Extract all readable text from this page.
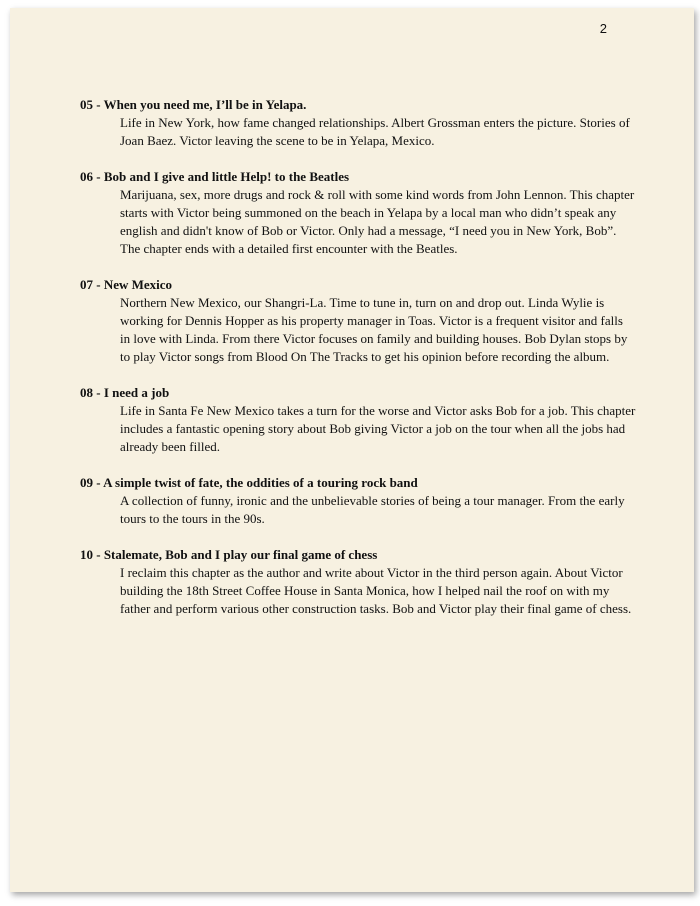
2

05 - When you need me, I’ll be in Yelapa.

Life in New York, how fame changed relationships. Albert Grossman enters the picture. Stories of Joan Baez. Victor leaving the scene to be in Yelapa, Mexico.

06 - Bob and I give and little Help! to the Beatles

Marijuana, sex, more drugs and rock & roll with some kind words from John Lennon. This chapter starts with Victor being summoned on the beach in Yelapa by a local man who didn’t speak any english and didn't know of Bob or Victor. Only had a message, “I need you in New York, Bob”. The chapter ends with a detailed first encounter with the Beatles.

07 - New Mexico

Northern New Mexico, our Shangri-La. Time to tune in, turn on and drop out. Linda Wylie is working for Dennis Hopper as his property manager in Toas. Victor is a frequent visitor and falls in love with Linda. From there Victor focuses on family and building houses. Bob Dylan stops by to play Victor songs from Blood On The Tracks to get his opinion before recording the album.

08 - I need a job

Life in Santa Fe New Mexico takes a turn for the worse and Victor asks Bob for a job. This chapter includes a fantastic opening story about Bob giving Victor a job on the tour when all the jobs had already been filled.

09 - A simple twist of fate, the oddities of a touring rock band

A collection of funny, ironic and the unbelievable stories of being a tour manager. From the early tours to the tours in the 90s.

10 - Stalemate, Bob and I play our final game of chess

I reclaim this chapter as the author and write about Victor in the third person again. About Victor building the 18th Street Coffee House in Santa Monica, how I helped nail the roof on with my father and perform various other construction tasks. Bob and Victor play their final game of chess.
